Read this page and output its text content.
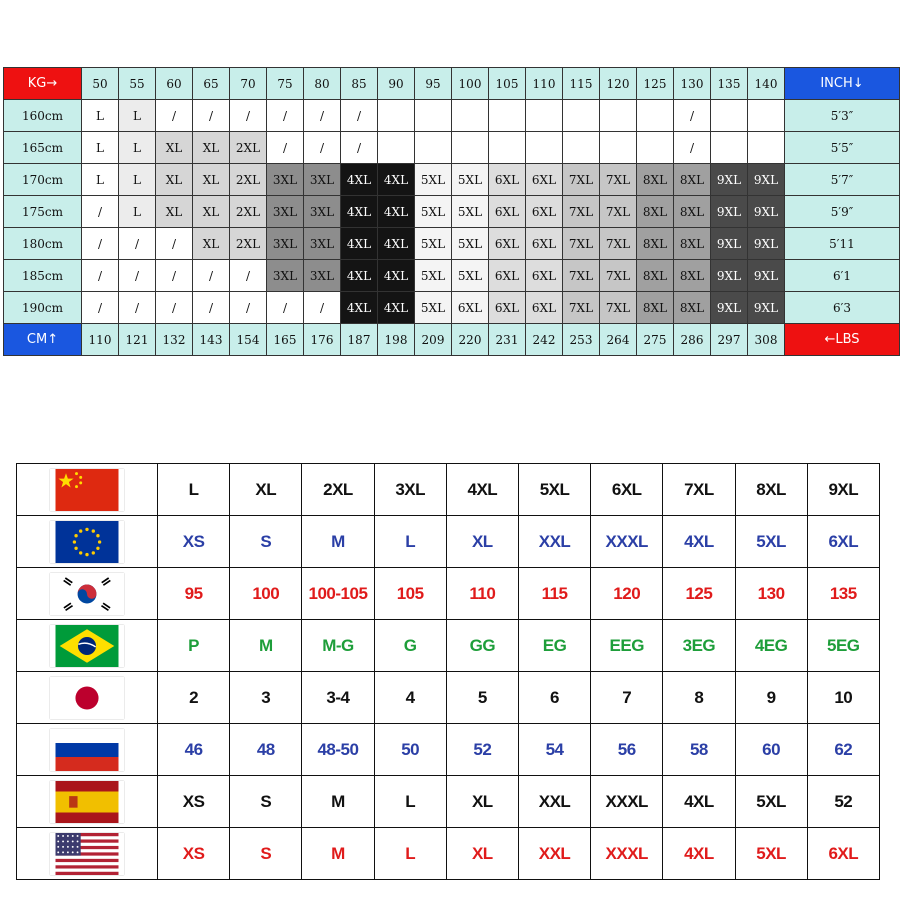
KG→	50	55	60	65	70	75	80	85	90	95	100	105	110	115	120	125	130	135	140	INCH↓
160cm	L	L	/	/	/	/	/	/									/			5′3″
165cm	L	L	XL	XL	2XL	/	/	/									/			5′5″
170cm	L	L	XL	XL	2XL	3XL	3XL	4XL	4XL	5XL	5XL	6XL	6XL	7XL	7XL	8XL	8XL	9XL	9XL	5′7″
175cm	/	L	XL	XL	2XL	3XL	3XL	4XL	4XL	5XL	5XL	6XL	6XL	7XL	7XL	8XL	8XL	9XL	9XL	5′9″
180cm	/	/	/	XL	2XL	3XL	3XL	4XL	4XL	5XL	5XL	6XL	6XL	7XL	7XL	8XL	8XL	9XL	9XL	5′11
185cm	/	/	/	/	/	3XL	3XL	4XL	4XL	5XL	5XL	6XL	6XL	7XL	7XL	8XL	8XL	9XL	9XL	6′1
190cm	/	/	/	/	/	/	/	4XL	4XL	5XL	6XL	6XL	6XL	7XL	7XL	8XL	8XL	9XL	9XL	6′3
CM↑	110	121	132	143	154	165	176	187	198	209	220	231	242	253	264	275	286	297	308	←LBS
	L	XL	2XL	3XL	4XL	5XL	6XL	7XL	8XL	9XL

	XS	S	M	L	XL	XXL	XXXL	4XL	5XL	6XL

	95	100	100-105	105	110	115	120	125	130	135

	P	M	M-G	G	GG	EG	EEG	3EG	4EG	5EG

	2	3	3-4	4	5	6	7	8	9	10

	46	48	48-50	50	52	54	56	58	60	62

	XS	S	M	L	XL	XXL	XXXL	4XL	5XL	52

	XS	S	M	L	XL	XXL	XXXL	4XL	5XL	6XL
